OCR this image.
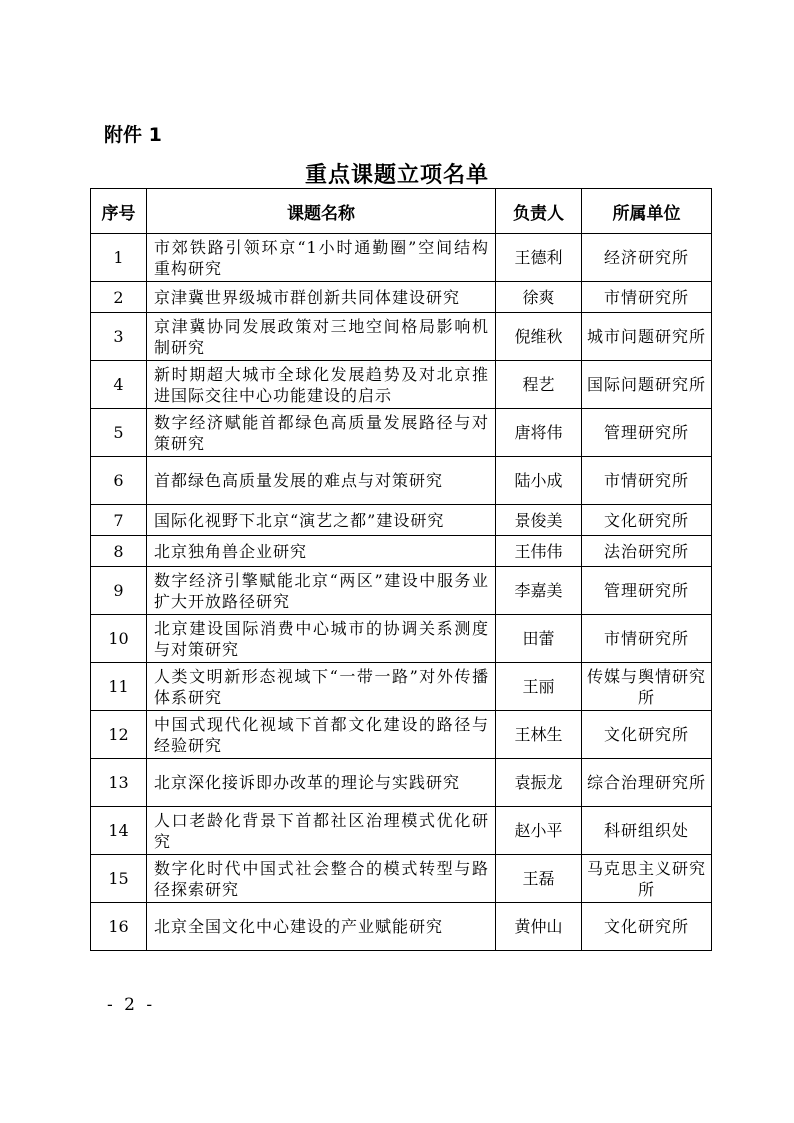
附件 1
重点课题立项名单
序号	课题名称	负责人	所属单位
1	市郊铁路引领环京“1小时通勤圈”空间结构重构研究	王德利	经济研究所
2	京津冀世界级城市群创新共同体建设研究	徐爽	市情研究所
3	京津冀协同发展政策对三地空间格局影响机制研究	倪维秋	城市问题研究所
4	新时期超大城市全球化发展趋势及对北京推进国际交往中心功能建设的启示	程艺	国际问题研究所
5	数字经济赋能首都绿色高质量发展路径与对策研究	唐将伟	管理研究所
6	首都绿色高质量发展的难点与对策研究	陆小成	市情研究所
7	国际化视野下北京“演艺之都”建设研究	景俊美	文化研究所
8	北京独角兽企业研究	王伟伟	法治研究所
9	数字经济引擎赋能北京“两区”建设中服务业扩大开放路径研究	李嘉美	管理研究所
10	北京建设国际消费中心城市的协调关系测度与对策研究	田蕾	市情研究所
11	人类文明新形态视域下“一带一路”对外传播体系研究	王丽	传媒与舆情研究所
12	中国式现代化视域下首都文化建设的路径与经验研究	王林生	文化研究所
13	北京深化接诉即办改革的理论与实践研究	袁振龙	综合治理研究所
14	人口老龄化背景下首都社区治理模式优化研究	赵小平	科研组织处
15	数字化时代中国式社会整合的模式转型与路径探索研究	王磊	马克思主义研究所
16	北京全国文化中心建设的产业赋能研究	黄仲山	文化研究所
- 2 -
